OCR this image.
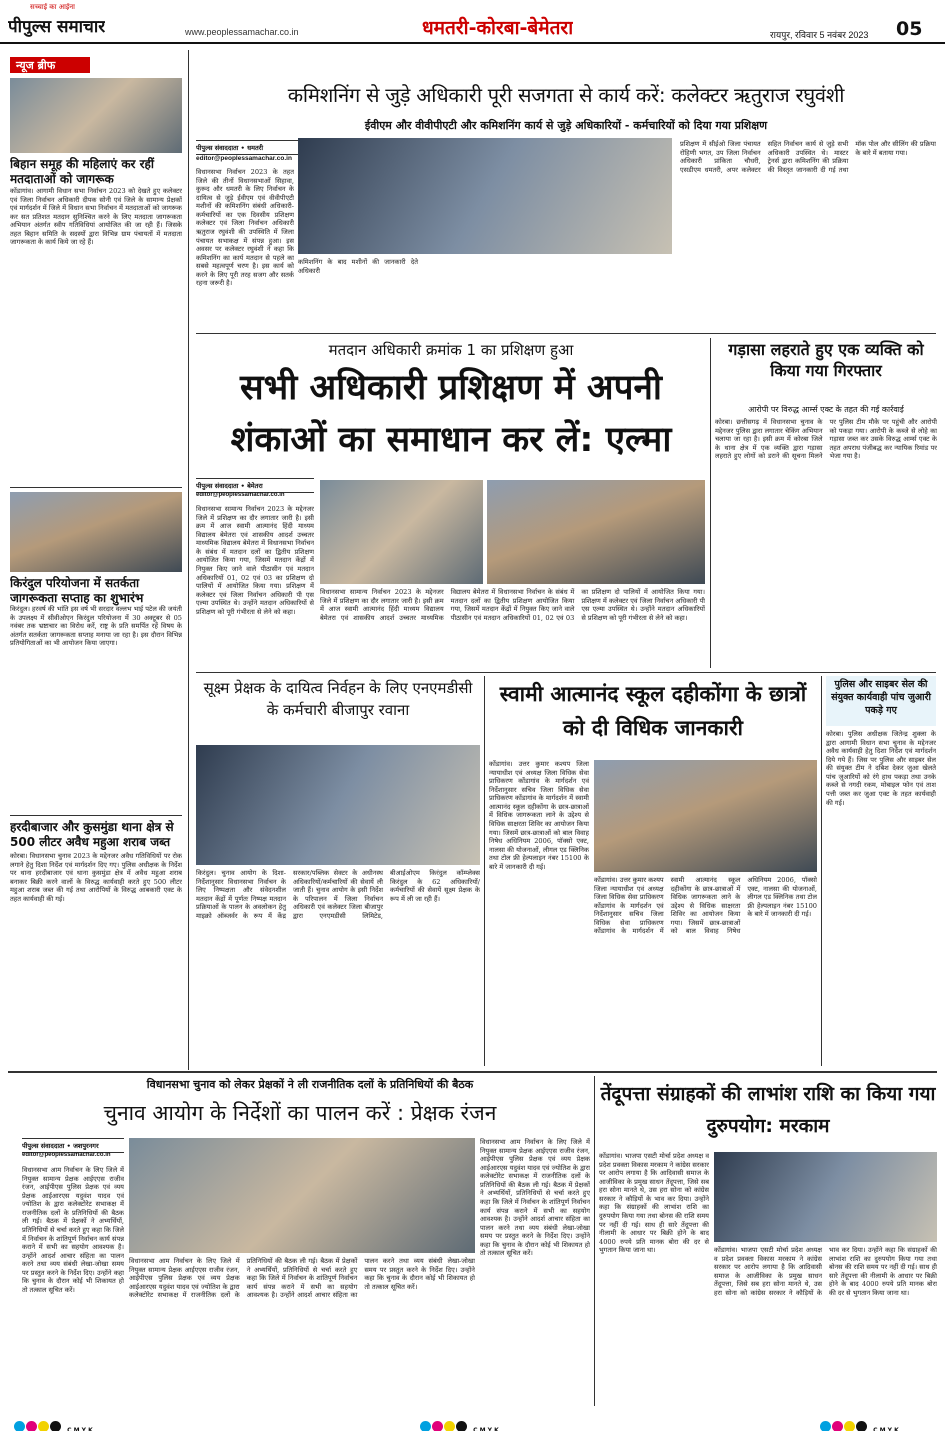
सच्चाई का आईना
पीपुल्स समाचार	www.peoplessamachar.co.in	धमतरी-कोरबा-बेमेतरा	रायपुर, रविवार 5 नवंबर 2023 05
न्यूज ब्रीफ
बिहान समूह की महिलाएं कर रहीं मतदाताओं को जागरूक
कोंडागांव। आगामी विधान सभा निर्वाचन 2023 को देखते हुए कलेक्टर एवं जिला निर्वाचन अधिकारी दीपक सोनी एवं जिले के सामान्य प्रेक्षकों एवं मार्गदर्शन में जिले में विधान सभा निर्वाचन में मतदाताओं को जागरूक कर सत प्रतिशत मतदान सुनिश्चित करने के लिए मतदाता जागरूकता अभियान अंतर्गत स्वीप गतिविधियां आयोजित की जा रही हैं। जिसके तहत बिहान समिति के सदस्यों द्वारा विभिन्न ग्राम पंचायतों में मतदाता जागरूकता के कार्य किये जा रहे हैं।
किरंदुल परियोजना में सतर्कता जागरूकता सप्ताह का शुभारंभ
किरंदुल। हरवर्ष की भांति इस वर्ष भी सरदार वल्लभ भाई पटेल की जयंती के उपलक्ष्य में सीवीओएन किरंदुल परियोजना में 30 अक्टूबर से 05 नवंबर तक भ्रष्टाचार का विरोध करें, राष्ट्र के प्रति समर्पित रहें विषय के अंतर्गत सतर्कता जागरूकता सप्ताह मनाया जा रहा है। इस दौरान विभिन्न प्रतियोगिताओं का भी आयोजन किया जाएगा।
हरदीबाजार और कुसमुंडा थाना क्षेत्र से 500 लीटर अवैध महुआ शराब जब्त
कोरबा। विधानसभा चुनाव 2023 के मद्देनजर अवैध गतिविधियों पर रोक लगाने हेतु दिशा निर्देश एवं मार्गदर्शन दिए गए। पुलिस अधीक्षक के निर्देश पर थाना हरदीबाजार एवं थाना कुसमुंडा क्षेत्र में अवैध महुआ शराब बनाकर बिक्री करने वालों के विरुद्ध कार्यवाही करते हुए 500 लीटर महुआ शराब जब्त की गई तथा आरोपियों के विरुद्ध आबकारी एक्ट के तहत कार्यवाही की गई।
कमिशनिंग से जुड़े अधिकारी पूरी सजगता से कार्य करें: कलेक्टर ऋतुराज रघुवंशी
ईवीएम और वीवीपीएटी और कमिशनिंग कार्य से जुड़े अधिकारियों - कर्मचारियों को दिया गया प्रशिक्षण
पीपुल्स संवाददाता • धमतरी
editor@peoplessamachar.co.in
विधानसभा निर्वाचन 2023 के तहत जिले की तीनों विधानसभाओं सिहावा, कुरूद और धमतरी के लिए निर्वाचन के दायित्व से जुड़े ईवीएम एवं वीवीपीएटी मशीनों की कमिशनिंग संबंधी अधिकारी-कर्मचारियों का एक दिवसीय प्रशिक्षण कलेक्टर एवं जिला निर्वाचन अधिकारी ऋतुराज रघुवंशी की उपस्थिति में जिला पंचायत सभाकक्ष में संपन्न हुआ। इस अवसर पर कलेक्टर रघुवंशी ने कहा कि कमिशनिंग का कार्य मतदान से पहले का सबसे महत्वपूर्ण चरण है। इस कार्य को करने के लिए पूरी तरह सजग और सतर्क रहना जरूरी है।
कमिशनिंग के बाद मशीनों की जानकारी देते अधिकारी
प्रशिक्षण में सीईओ जिला पंचायत रोहिणी भगत, उप जिला निर्वाचन अधिकारी प्रांकिता चौधरी, एसडीएम धमतरी, अपर कलेक्टर सहित निर्वाचन कार्य से जुड़े सभी अधिकारी उपस्थित थे। मास्टर ट्रेनर्स द्वारा कमिशनिंग की प्रक्रिया की विस्तृत जानकारी दी गई तथा मॉक पोल और सीलिंग की प्रक्रिया के बारे में बताया गया।
मतदान अधिकारी क्रमांक 1 का प्रशिक्षण हुआ
सभी अधिकारी प्रशिक्षण में अपनी शंकाओं का समाधान कर लें: एल्मा
पीपुल्स संवाददाता • बेमेतरा
editor@peoplessamachar.co.in
विधानसभा सामान्य निर्वाचन 2023 के मद्देनजर जिले में प्रशिक्षण का दौर लगातार जारी है। इसी क्रम में आज स्वामी आत्मानंद हिंदी माध्यम विद्यालय बेमेतरा एवं शासकीय आदर्श उच्चतर माध्यमिक विद्यालय बेमेतरा में विधानसभा निर्वाचन के संबंध में मतदान दलों का द्वितीय प्रशिक्षण आयोजित किया गया, जिसमें मतदान केंद्रों में नियुक्त किए जाने वाले पीठासीन एवं मतदान अधिकारियों 01, 02 एवं 03 का प्रशिक्षण दो पालियों में आयोजित किया गया। प्रशिक्षण में कलेक्टर एवं जिला निर्वाचन अधिकारी पी एस एल्मा उपस्थित थे। उन्होंने मतदान अधिकारियों से प्रशिक्षण को पूरी गंभीरता से लेने को कहा।
विधानसभा सामान्य निर्वाचन 2023 के मद्देनजर जिले में प्रशिक्षण का दौर लगातार जारी है। इसी क्रम में आज स्वामी आत्मानंद हिंदी माध्यम विद्यालय बेमेतरा एवं शासकीय आदर्श उच्चतर माध्यमिक विद्यालय बेमेतरा में विधानसभा निर्वाचन के संबंध में मतदान दलों का द्वितीय प्रशिक्षण आयोजित किया गया, जिसमें मतदान केंद्रों में नियुक्त किए जाने वाले पीठासीन एवं मतदान अधिकारियों 01, 02 एवं 03 का प्रशिक्षण दो पालियों में आयोजित किया गया। प्रशिक्षण में कलेक्टर एवं जिला निर्वाचन अधिकारी पी एस एल्मा उपस्थित थे। उन्होंने मतदान अधिकारियों से प्रशिक्षण को पूरी गंभीरता से लेने को कहा।
गड़ासा लहराते हुए एक व्यक्ति को किया गया गिरफ्तार
आरोपी पर विरुद्ध आर्म्स एक्ट के तहत की गई कार्रवाई
कोरबा। छत्तीसगढ़ में विधानसभा चुनाव के मद्देनजर पुलिस द्वारा लगातार चेकिंग अभियान चलाया जा रहा है। इसी क्रम में कोरबा जिले के थाना क्षेत्र में एक व्यक्ति द्वारा गड़ासा लहराते हुए लोगों को डराने की सूचना मिलने पर पुलिस टीम मौके पर पहुंची और आरोपी को पकड़ा गया। आरोपी के कब्जे से लोहे का गड़ासा जब्त कर उसके विरुद्ध आर्म्स एक्ट के तहत अपराध पंजीबद्ध कर न्यायिक रिमांड पर भेजा गया है।
पुलिस और साइबर सेल की संयुक्त कार्यवाही पांच जुआरी पकड़े गए
कोरबा। पुलिस अधीक्षक जितेन्द्र शुक्ला के द्वारा आगामी विधान सभा चुनाव के मद्देनजर अवैध कार्यवाही हेतु दिशा निर्देश एवं मार्गदर्शन दिये गये हैं। जिस पर पुलिस और साइबर सेल की संयुक्त टीम ने दबिश देकर जुआ खेलते पांच जुआरियों को रंगे हाथ पकड़ा तथा उनके कब्जे से नगदी रकम, मोबाइल फोन एवं ताश पत्ती जब्त कर जुआ एक्ट के तहत कार्यवाही की गई।
सूक्ष्म प्रेक्षक के दायित्व निर्वहन के लिए एनएमडीसी के कर्मचारी बीजापुर रवाना
किरंदुल। चुनाव आयोग के दिशा-निर्देशानुसार विधानसभा निर्वाचन के लिए निष्पक्षता और संवेदनशील मतदान केंद्रों में पूर्णतः निष्पक्ष मतदान प्रक्रियाओं के पालन के अवलोकन हेतु माइक्रो ऑब्जर्वर के रूप में केंद्र सरकार/पब्लिक सेक्टर के अधीनस्थ अधिकारियों/कर्मचारियों की सेवायें ली जाती हैं। चुनाव आयोग के इसी निर्देश के परिपालन में जिला निर्वाचन अधिकारी एवं कलेक्टर जिला बीजापुर द्वारा एनएमडीसी लिमिटेड, बीआईओएम किरंदुल कॉम्प्लेक्स किरंदुल के 62 अधिकारियों/कर्मचारियों की सेवायें सूक्ष्म प्रेक्षक के रूप में ली जा रही हैं।
स्वामी आत्मानंद स्कूल दहीकोंगा के छात्रों को दी विधिक जानकारी
कोंडागांव। उत्तर कुमार कश्यप जिला न्यायाधीश एवं अध्यक्ष जिला विधिक सेवा प्राधिकरण कोंडागांव के मार्गदर्शन एवं निर्देशानुसार सचिव जिला विधिक सेवा प्राधिकरण कोंडागांव के मार्गदर्शन में स्वामी आत्मानंद स्कूल दहीकोंगा के छात्र-छात्राओं में विधिक जागरूकता लाने के उद्देश्य से विधिक साक्षरता शिविर का आयोजन किया गया। जिसमें छात्र-छात्राओं को बाल विवाह निषेध अधिनियम 2006, पॉक्सो एक्ट, नालसा की योजनाओं, लीगल एड क्लिनिक तथा टोल फ्री हेल्पलाइन नंबर 15100 के बारे में जानकारी दी गई।
कोंडागांव। उत्तर कुमार कश्यप जिला न्यायाधीश एवं अध्यक्ष जिला विधिक सेवा प्राधिकरण कोंडागांव के मार्गदर्शन एवं निर्देशानुसार सचिव जिला विधिक सेवा प्राधिकरण कोंडागांव के मार्गदर्शन में स्वामी आत्मानंद स्कूल दहीकोंगा के छात्र-छात्राओं में विधिक जागरूकता लाने के उद्देश्य से विधिक साक्षरता शिविर का आयोजन किया गया। जिसमें छात्र-छात्राओं को बाल विवाह निषेध अधिनियम 2006, पॉक्सो एक्ट, नालसा की योजनाओं, लीगल एड क्लिनिक तथा टोल फ्री हेल्पलाइन नंबर 15100 के बारे में जानकारी दी गई।
विधानसभा चुनाव को लेकर प्रेक्षकों ने ली राजनीतिक दलों के प्रतिनिधियों की बैठक
चुनाव आयोग के निर्देशों का पालन करें : प्रेक्षक रंजन
पीपुल्स संवाददाता • जशपुरनगर
editor@peoplessamachar.co.in
विधानसभा आम निर्वाचन के लिए जिले में नियुक्त सामान्य प्रेक्षक आईएएस राजीव रंजन, आईपीएस पुलिस प्रेक्षक एवं व्यय प्रेक्षक आईआरएस यदुवंश यादव एवं ज्योतिश के द्वारा कलेक्टोरेट सभाकक्ष में राजनीतिक दलों के प्रतिनिधियों की बैठक ली गई। बैठक में प्रेक्षकों ने अभ्यर्थियों, प्रतिनिधियों से चर्चा करते हुए कहा कि जिले में निर्वाचन के शांतिपूर्ण निर्वाचन कार्य संपन्न कराने में सभी का सहयोग आवश्यक है। उन्होंने आदर्श आचार संहिता का पालन करने तथा व्यय संबंधी लेखा-जोखा समय पर प्रस्तुत करने के निर्देश दिए। उन्होंने कहा कि चुनाव के दौरान कोई भी शिकायत हो तो तत्काल सूचित करें।
विधानसभा आम निर्वाचन के लिए जिले में नियुक्त सामान्य प्रेक्षक आईएएस राजीव रंजन, आईपीएस पुलिस प्रेक्षक एवं व्यय प्रेक्षक आईआरएस यदुवंश यादव एवं ज्योतिश के द्वारा कलेक्टोरेट सभाकक्ष में राजनीतिक दलों के प्रतिनिधियों की बैठक ली गई। बैठक में प्रेक्षकों ने अभ्यर्थियों, प्रतिनिधियों से चर्चा करते हुए कहा कि जिले में निर्वाचन के शांतिपूर्ण निर्वाचन कार्य संपन्न कराने में सभी का सहयोग आवश्यक है। उन्होंने आदर्श आचार संहिता का पालन करने तथा व्यय संबंधी लेखा-जोखा समय पर प्रस्तुत करने के निर्देश दिए। उन्होंने कहा कि चुनाव के दौरान कोई भी शिकायत हो तो तत्काल सूचित करें।
विधानसभा आम निर्वाचन के लिए जिले में नियुक्त सामान्य प्रेक्षक आईएएस राजीव रंजन, आईपीएस पुलिस प्रेक्षक एवं व्यय प्रेक्षक आईआरएस यदुवंश यादव एवं ज्योतिश के द्वारा कलेक्टोरेट सभाकक्ष में राजनीतिक दलों के प्रतिनिधियों की बैठक ली गई। बैठक में प्रेक्षकों ने अभ्यर्थियों, प्रतिनिधियों से चर्चा करते हुए कहा कि जिले में निर्वाचन के शांतिपूर्ण निर्वाचन कार्य संपन्न कराने में सभी का सहयोग आवश्यक है। उन्होंने आदर्श आचार संहिता का पालन करने तथा व्यय संबंधी लेखा-जोखा समय पर प्रस्तुत करने के निर्देश दिए। उन्होंने कहा कि चुनाव के दौरान कोई भी शिकायत हो तो तत्काल सूचित करें।
तेंदूपत्ता संग्राहकों की लाभांश राशि का किया गया दुरुपयोग: मरकाम
कोंडागांव। भाजपा एसटी मोर्चा प्रदेश अध्यक्ष व प्रदेश प्रवक्ता विकास मरकाम ने कांग्रेस सरकार पर आरोप लगाया है कि आदिवासी समाज के आजीविका के प्रमुख साधन तेंदूपत्ता, जिसे सब हरा सोना मानते थे, उस हरा सोना को कांग्रेस सरकार ने कौड़ियों के भाव कर दिया। उन्होंने कहा कि संग्राहकों की लाभांश राशि का दुरुपयोग किया गया तथा बोनस की राशि समय पर नहीं दी गई। साथ ही सारे तेंदूपत्ता की नीलामी के आधार पर बिक्री होने के बाद 4000 रुपये प्रति मानक बोरा की दर से भुगतान किया जाना था।	कोंडागांव। भाजपा एसटी मोर्चा प्रदेश अध्यक्ष व प्रदेश प्रवक्ता विकास मरकाम ने कांग्रेस सरकार पर आरोप लगाया है कि आदिवासी समाज के आजीविका के प्रमुख साधन तेंदूपत्ता, जिसे सब हरा सोना मानते थे, उस हरा सोना को कांग्रेस सरकार ने कौड़ियों के भाव कर दिया। उन्होंने कहा कि संग्राहकों की लाभांश राशि का दुरुपयोग किया गया तथा बोनस की राशि समय पर नहीं दी गई। साथ ही सारे तेंदूपत्ता की नीलामी के आधार पर बिक्री होने के बाद 4000 रुपये प्रति मानक बोरा की दर से भुगतान किया जाना था।
C M Y K	C M Y K	C M Y K
